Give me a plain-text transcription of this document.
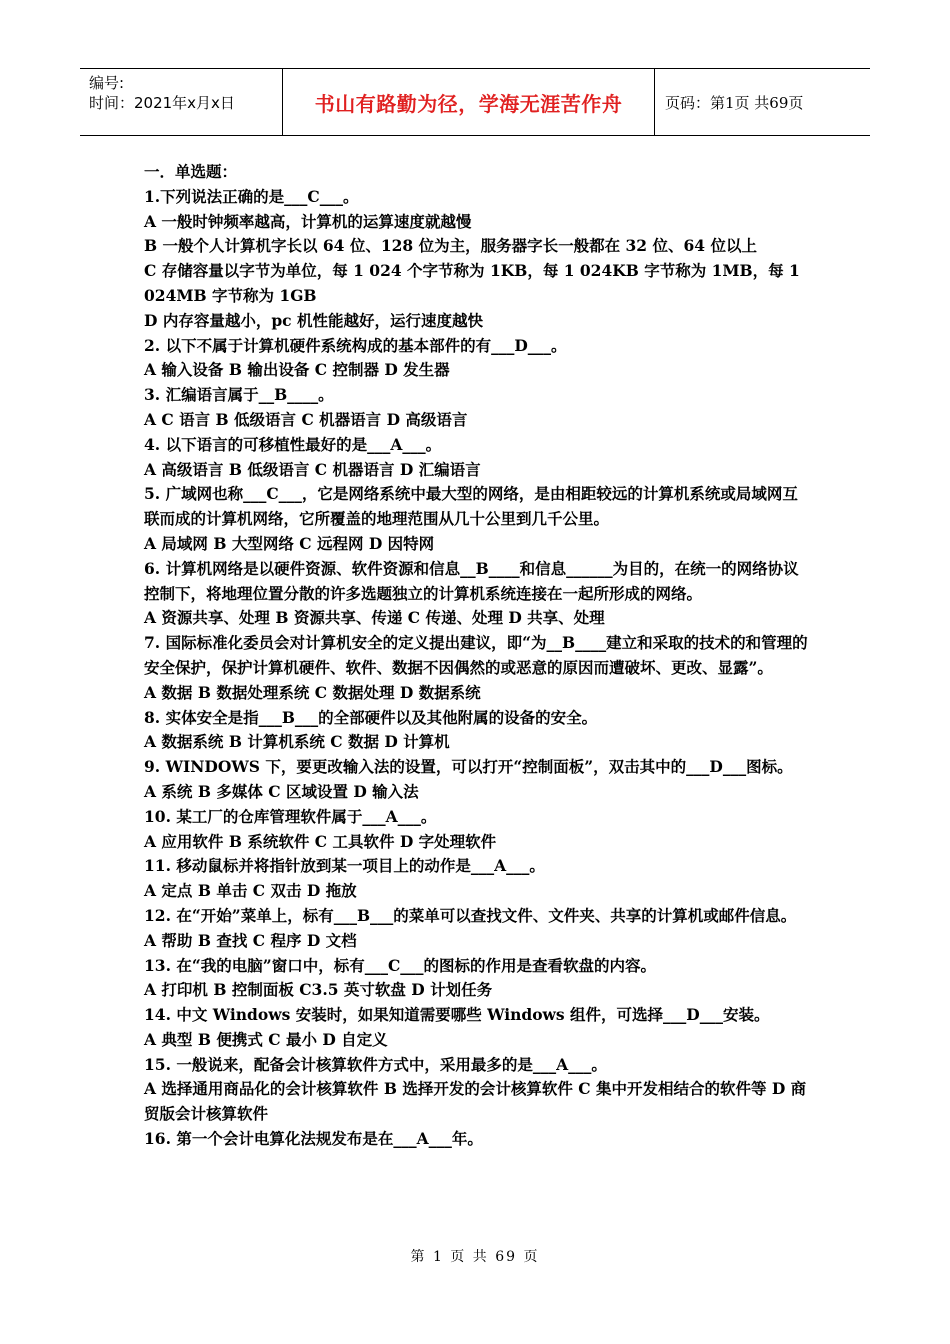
编号:
时间：2021年x月x日	书山有路勤为径，学海无涯苦作舟	页码：第1页 共69页

一．单选题：

1.下列说法正确的是___C___。

A 一般时钟频率越高，计算机的运算速度就越慢

B 一般个人计算机字长以 64 位、128 位为主，服务器字长一般都在 32 位、64 位以上

C 存储容量以字节为单位，每 1 024 个字节称为 1KB，每 1 024KB 字节称为 1MB，每 1 024MB 字节称为 1GB

D 内存容量越小，pc 机性能越好，运行速度越快

2. 以下不属于计算机硬件系统构成的基本部件的有___D___。

A 输入设备 B 输出设备 C 控制器 D 发生器

3. 汇编语言属于__B____。

A C 语言 B 低级语言 C 机器语言 D 高级语言

4. 以下语言的可移植性最好的是___A___。

A 高级语言 B 低级语言 C 机器语言 D 汇编语言

5. 广域网也称___C___，它是网络系统中最大型的网络，是由相距较远的计算机系统或局域网互联而成的计算机网络，它所覆盖的地理范围从几十公里到几千公里。

A 局域网 B 大型网络 C 远程网 D 因特网

6. 计算机网络是以硬件资源、软件资源和信息__B____和信息______为目的，在统一的网络协议控制下，将地理位置分散的许多选题独立的计算机系统连接在一起所形成的网络。

A 资源共享、处理 B 资源共享、传递 C 传递、处理 D 共享、处理

7. 国际标准化委员会对计算机安全的定义提出建议，即“为__B____建立和采取的技术的和管理的安全保护，保护计算机硬件、软件、数据不因偶然的或恶意的原因而遭破坏、更改、显露”。

A 数据 B 数据处理系统 C 数据处理 D 数据系统

8. 实体安全是指___B___的全部硬件以及其他附属的设备的安全。

A 数据系统 B 计算机系统 C 数据 D 计算机

9. WINDOWS 下，要更改输入法的设置，可以打开“控制面板”，双击其中的___D___图标。

A 系统 B 多媒体 C 区域设置 D 输入法

10. 某工厂的仓库管理软件属于___A___。

A 应用软件 B 系统软件 C 工具软件 D 字处理软件

11. 移动鼠标并将指针放到某一项目上的动作是___A___。

A 定点 B 单击 C 双击 D 拖放

12. 在“开始”菜单上，标有___B___的菜单可以查找文件、文件夹、共享的计算机或邮件信息。

A 帮助 B 查找 C 程序 D 文档

13. 在“我的电脑”窗口中，标有___C___的图标的作用是查看软盘的内容。

A 打印机 B 控制面板 C3.5 英寸软盘 D 计划任务

14. 中文 Windows 安装时，如果知道需要哪些 Windows 组件，可选择___D___安装。

A 典型 B 便携式 C 最小 D 自定义

15. 一般说来，配备会计核算软件方式中，采用最多的是___A___。

A 选择通用商品化的会计核算软件 B 选择开发的会计核算软件 C 集中开发相结合的软件等 D 商贸版会计核算软件

16. 第一个会计电算化法规发布是在___A___年。

第 1 页 共 69 页
